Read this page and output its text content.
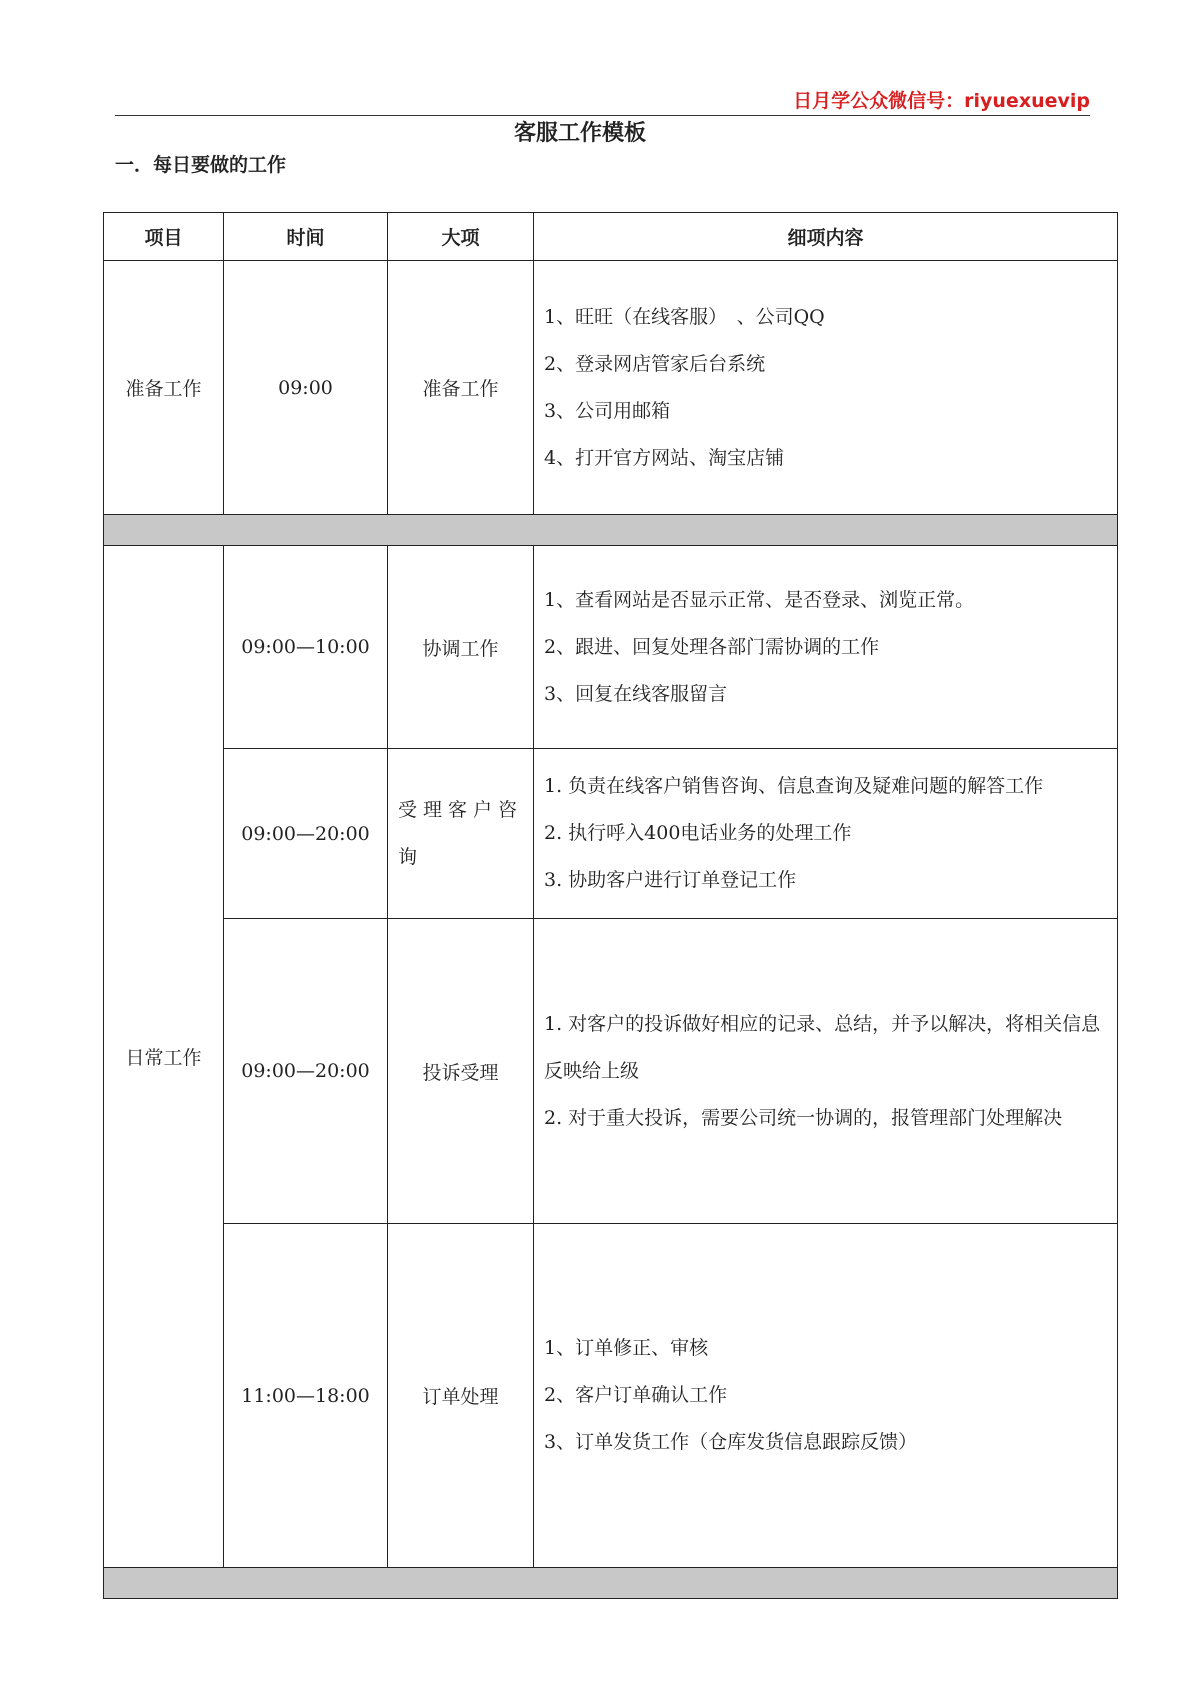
日月学公众微信号：riyuexuevip
客服工作模板
一．每日要做的工作
项目	时间	大项	细项内容
准备工作	09:00	准备工作	1、旺旺（在线客服）　、公司QQ
2、登录网店管家后台系统
3、公司用邮箱
4、打开官方网站、淘宝店铺

日常工作	09:00—10:00	协调工作	1、查看网站是否显示正常、是否登录、浏览正常。
2、跟进、回复处理各部门需协调的工作
3、回复在线客服留言

	09:00—20:00	受理客户咨询	1. 负责在线客户销售咨询、信息查询及疑难问题的解答工作
2. 执行呼入400电话业务的处理工作
3. 协助客户进行订单登记工作

	09:00—20:00	投诉受理	1. 对客户的投诉做好相应的记录、总结，并予以解决，将相关信息反映给上级
2. 对于重大投诉，需要公司统一协调的，报管理部门处理解决

	11:00—18:00	订单处理	1、订单修正、审核
2、客户订单确认工作
3、订单发货工作（仓库发货信息跟踪反馈）
